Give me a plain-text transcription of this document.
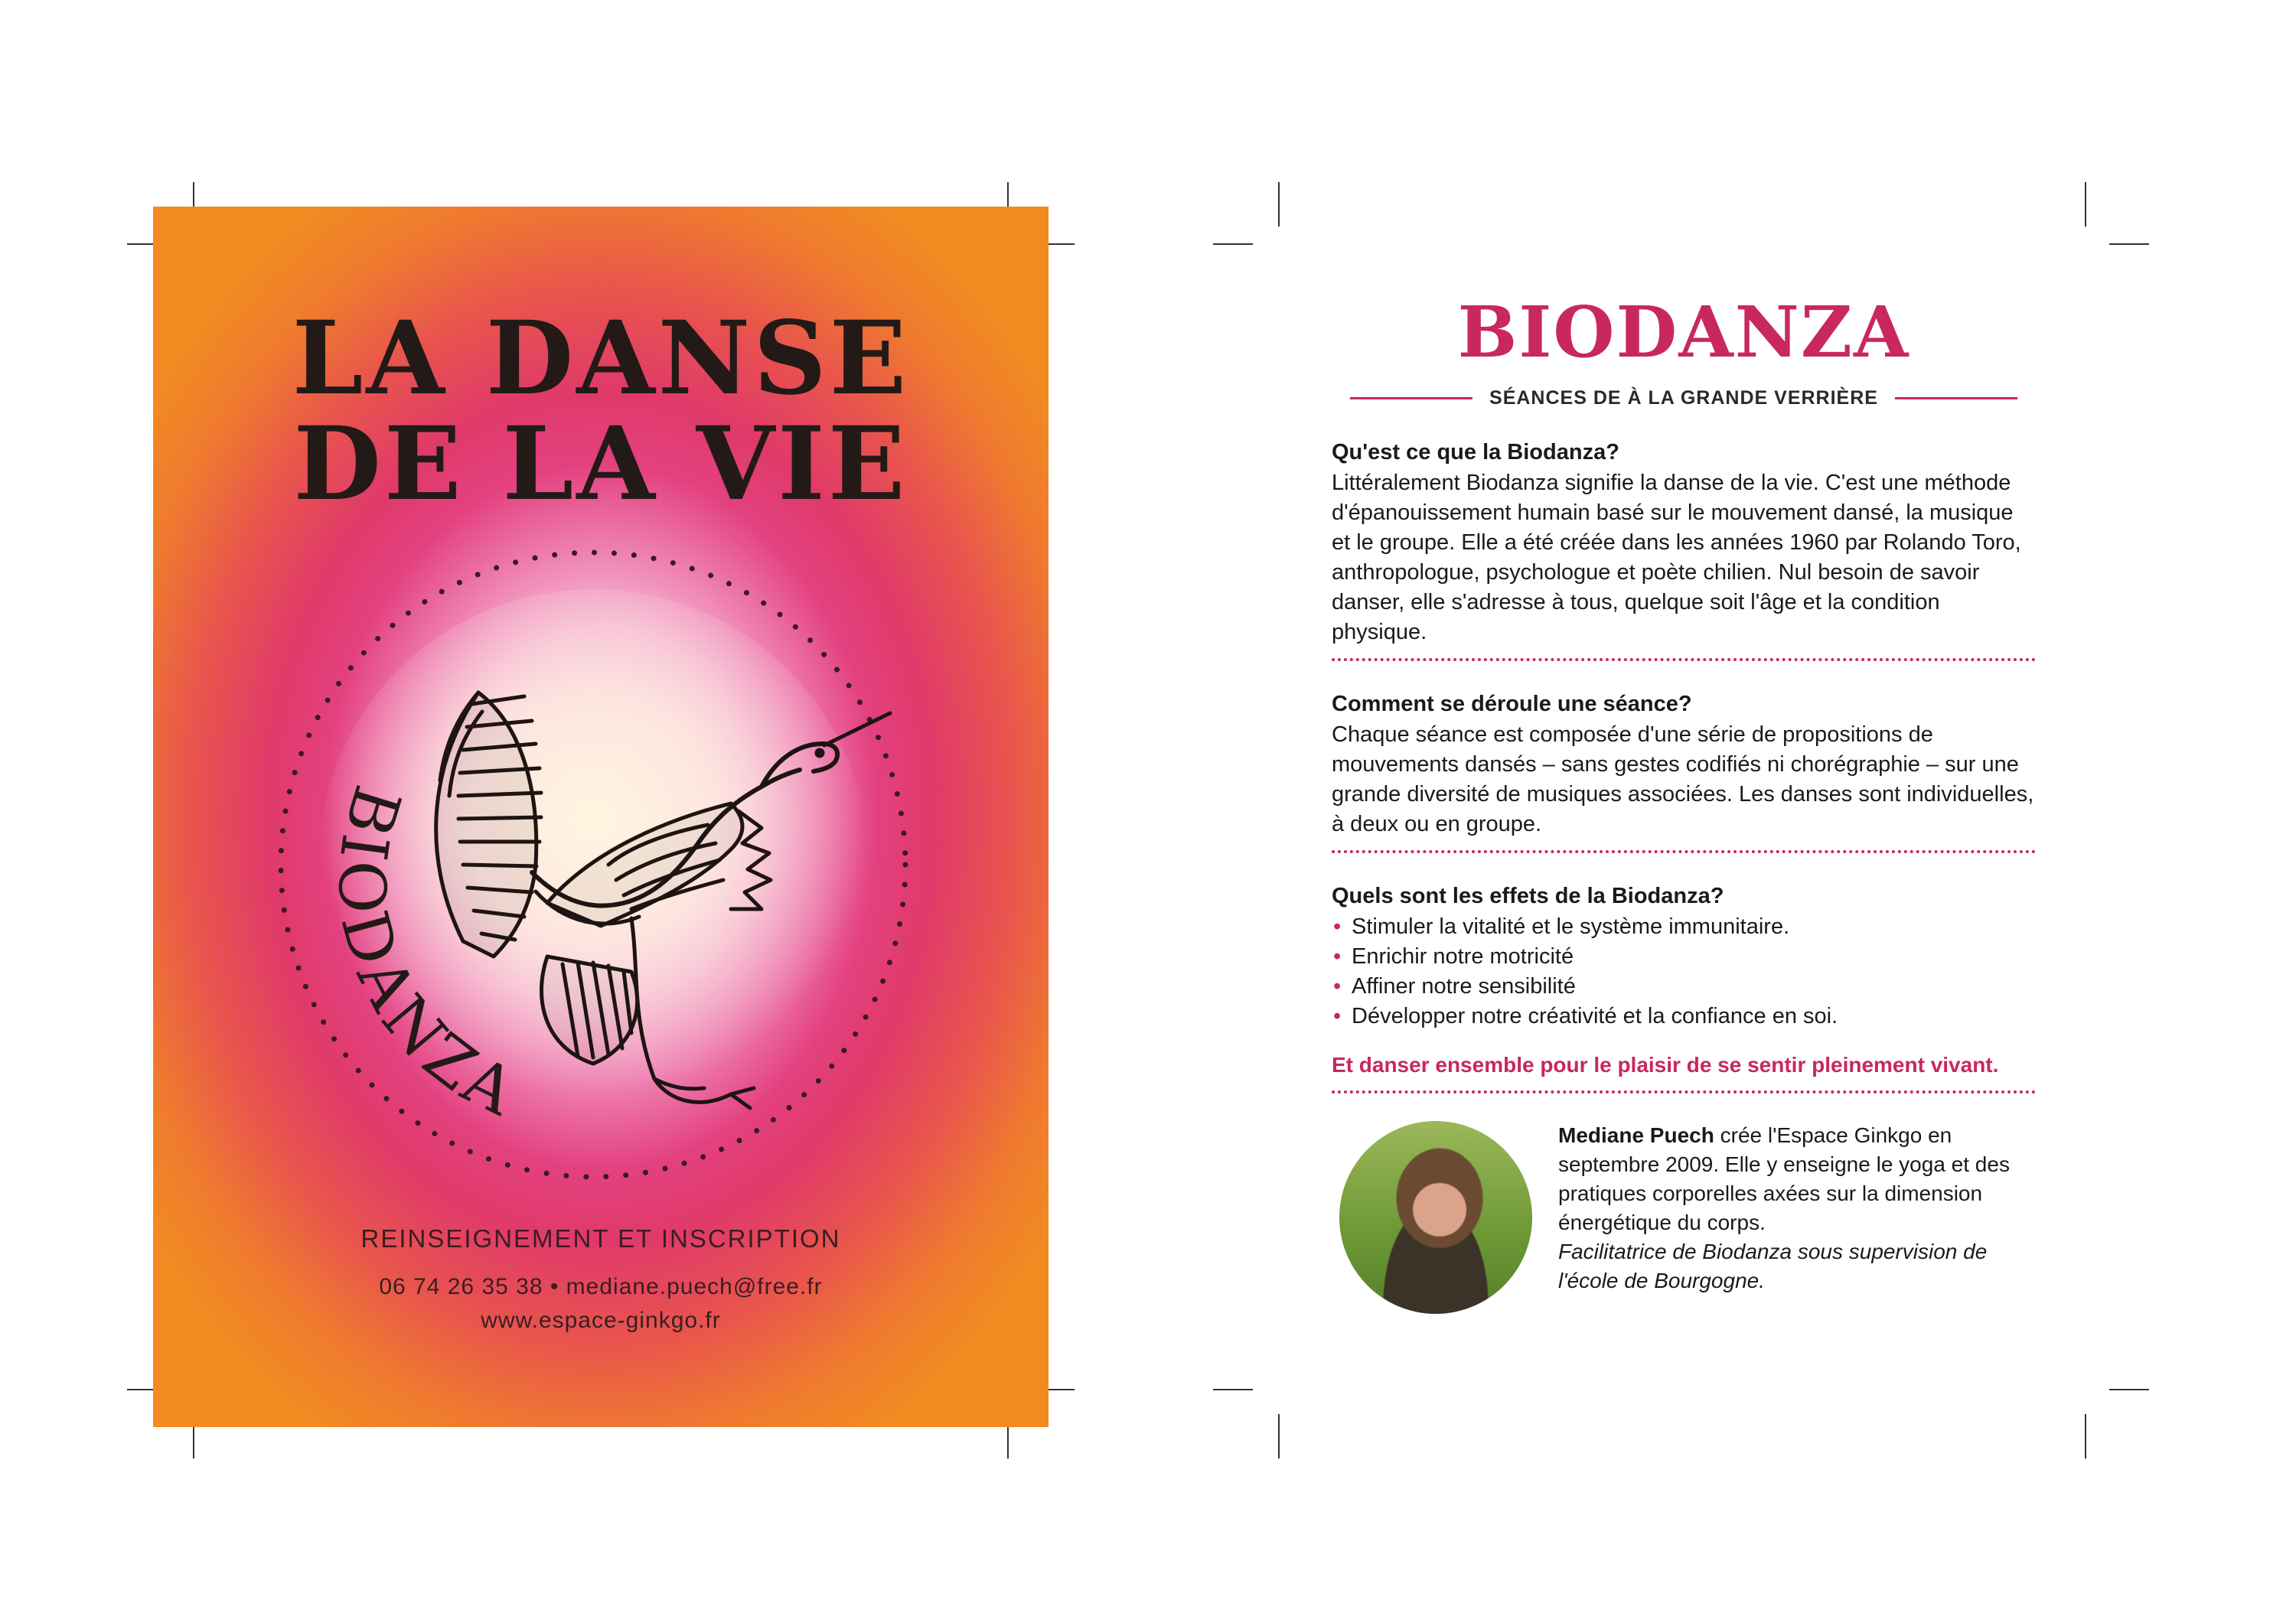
LA DANSE
DE LA VIE
BIODANZA

REINSEIGNEMENT ET INSCRIPTION

06 74 26 35 38 • mediane.puech@free.fr

www.espace-ginkgo.fr

BIODANZA

SÉANCES DE À LA GRANDE VERRIÈRE

Qu'est ce que la Biodanza?

Littéralement Biodanza signifie la danse de la vie. C'est une méthode d'épanouissement humain basé sur le mouvement dansé, la musique et le groupe. Elle a été créée dans les années 1960 par Rolando Toro, anthropologue, psychologue et poète chilien. Nul besoin de savoir danser, elle s'adresse à tous, quelque soit l'âge et la condition physique.

Comment se déroule une séance?

Chaque séance est composée d'une série de propositions de mouvements dansés – sans gestes codifiés ni chorégraphie – sur une grande diversité de musiques associées. Les danses sont individuelles, à deux ou en groupe.

Quels sont les effets de la Biodanza?
• Stimuler la vitalité et le système immunitaire.
• Enrichir notre motricité
• Affiner notre sensibilité
• Développer notre créativité et la confiance en soi.

Et danser ensemble pour le plaisir de se sentir pleinement vivant.

Mediane Puech crée l'Espace Ginkgo en septembre 2009. Elle y enseigne le yoga et des pratiques corporelles axées sur la dimension énergétique du corps.

Facilitatrice de Biodanza sous supervision de l'école de Bourgogne.
